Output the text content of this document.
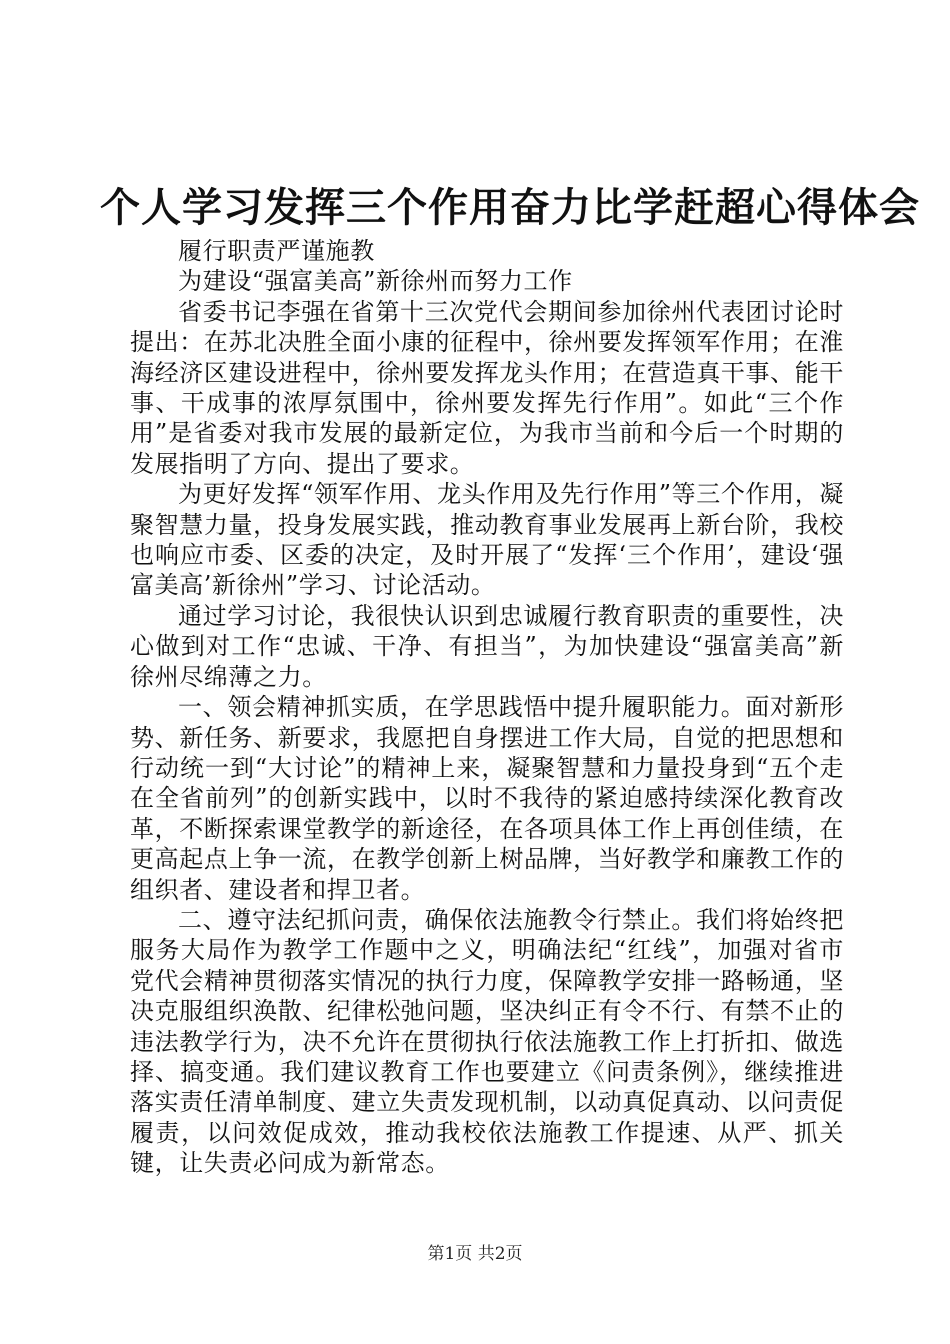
个人学习发挥三个作用奋力比学赶超心得体会

履行职责严谨施教

为建设“强富美高”新徐州而努力工作

省委书记李强在省第十三次党代会期间参加徐州代表团讨论时提出：在苏北决胜全面小康的征程中，徐州要发挥领军作用；在淮海经济区建设进程中，徐州要发挥龙头作用；在营造真干事、能干事、干成事的浓厚氛围中，徐州要发挥先行作用”。如此“三个作用”是省委对我市发展的最新定位，为我市当前和今后一个时期的发展指明了方向、提出了要求。

为更好发挥“领军作用、龙头作用及先行作用”等三个作用，凝聚智慧力量，投身发展实践，推动教育事业发展再上新台阶，我校也响应市委、区委的决定，及时开展了“发挥‘三个作用’，建设‘强富美高’新徐州”学习、讨论活动。

通过学习讨论，我很快认识到忠诚履行教育职责的重要性，决心做到对工作“忠诚、干净、有担当”，为加快建设“强富美高”新徐州尽绵薄之力。

一、领会精神抓实质，在学思践悟中提升履职能力。面对新形势、新任务、新要求，我愿把自身摆进工作大局，自觉的把思想和行动统一到“大讨论”的精神上来，凝聚智慧和力量投身到“五个走在全省前列”的创新实践中，以时不我待的紧迫感持续深化教育改革，不断探索课堂教学的新途径，在各项具体工作上再创佳绩，在更高起点上争一流，在教学创新上树品牌，当好教学和廉教工作的组织者、建设者和捍卫者。

二、遵守法纪抓问责，确保依法施教令行禁止。我们将始终把服务大局作为教学工作题中之义，明确法纪“红线”，加强对省市党代会精神贯彻落实情况的执行力度，保障教学安排一路畅通，坚决克服组织涣散、纪律松弛问题，坚决纠正有令不行、有禁不止的违法教学行为，决不允许在贯彻执行依法施教工作上打折扣、做选择、搞变通。我们建议教育工作也要建立《问责条例》，继续推进落实责任清单制度、建立失责发现机制，以动真促真动、以问责促履责，以问效促成效，推动我校依法施教工作提速、从严、抓关键，让失责必问成为新常态。

第1页 共2页
